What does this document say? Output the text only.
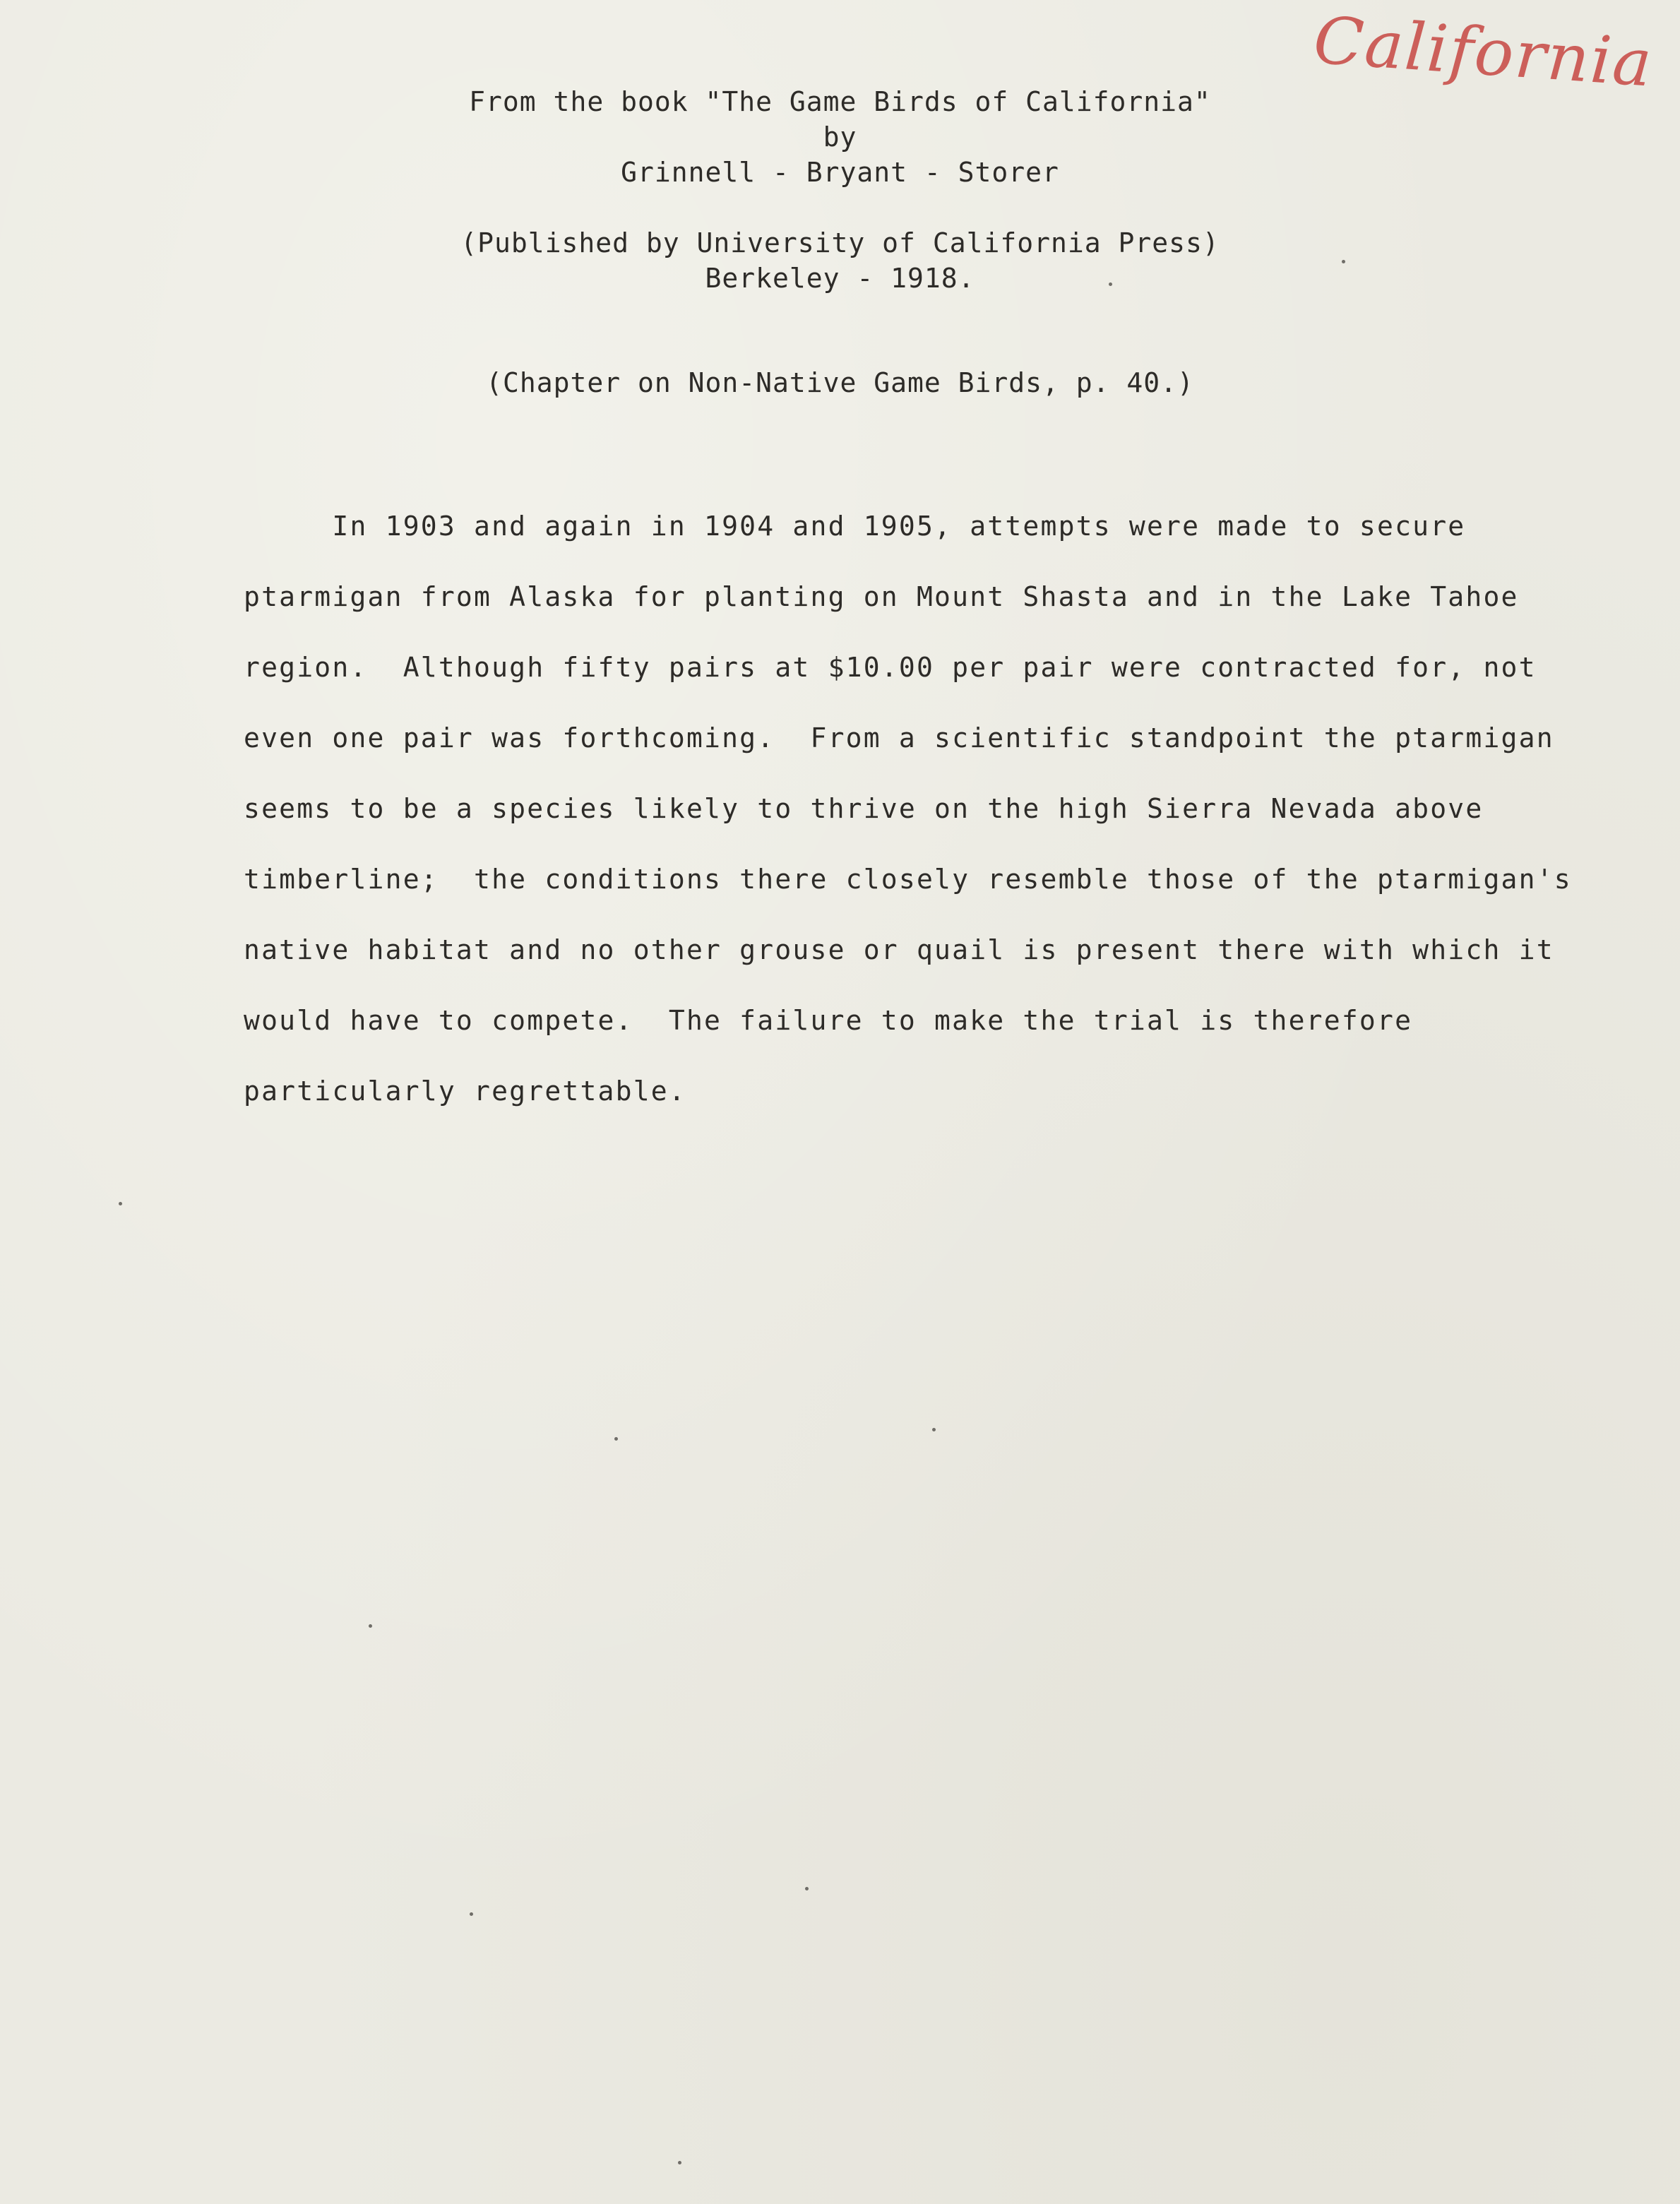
California
From the book "The Game Birds of California"
by
Grinnell - Bryant - Storer
(Published by University of California Press)
Berkeley - 1918.
(Chapter on Non-Native Game Birds, p. 40.)
In 1903 and again in 1904 and 1905, attempts were made to secure
ptarmigan from Alaska for planting on Mount Shasta and in the Lake Tahoe
region.  Although fifty pairs at $10.00 per pair were contracted for, not
even one pair was forthcoming.  From a scientific standpoint the ptarmigan
seems to be a species likely to thrive on the high Sierra Nevada above
timberline;  the conditions there closely resemble those of the ptarmigan's
native habitat and no other grouse or quail is present there with which it
would have to compete.  The failure to make the trial is therefore
particularly regrettable.
